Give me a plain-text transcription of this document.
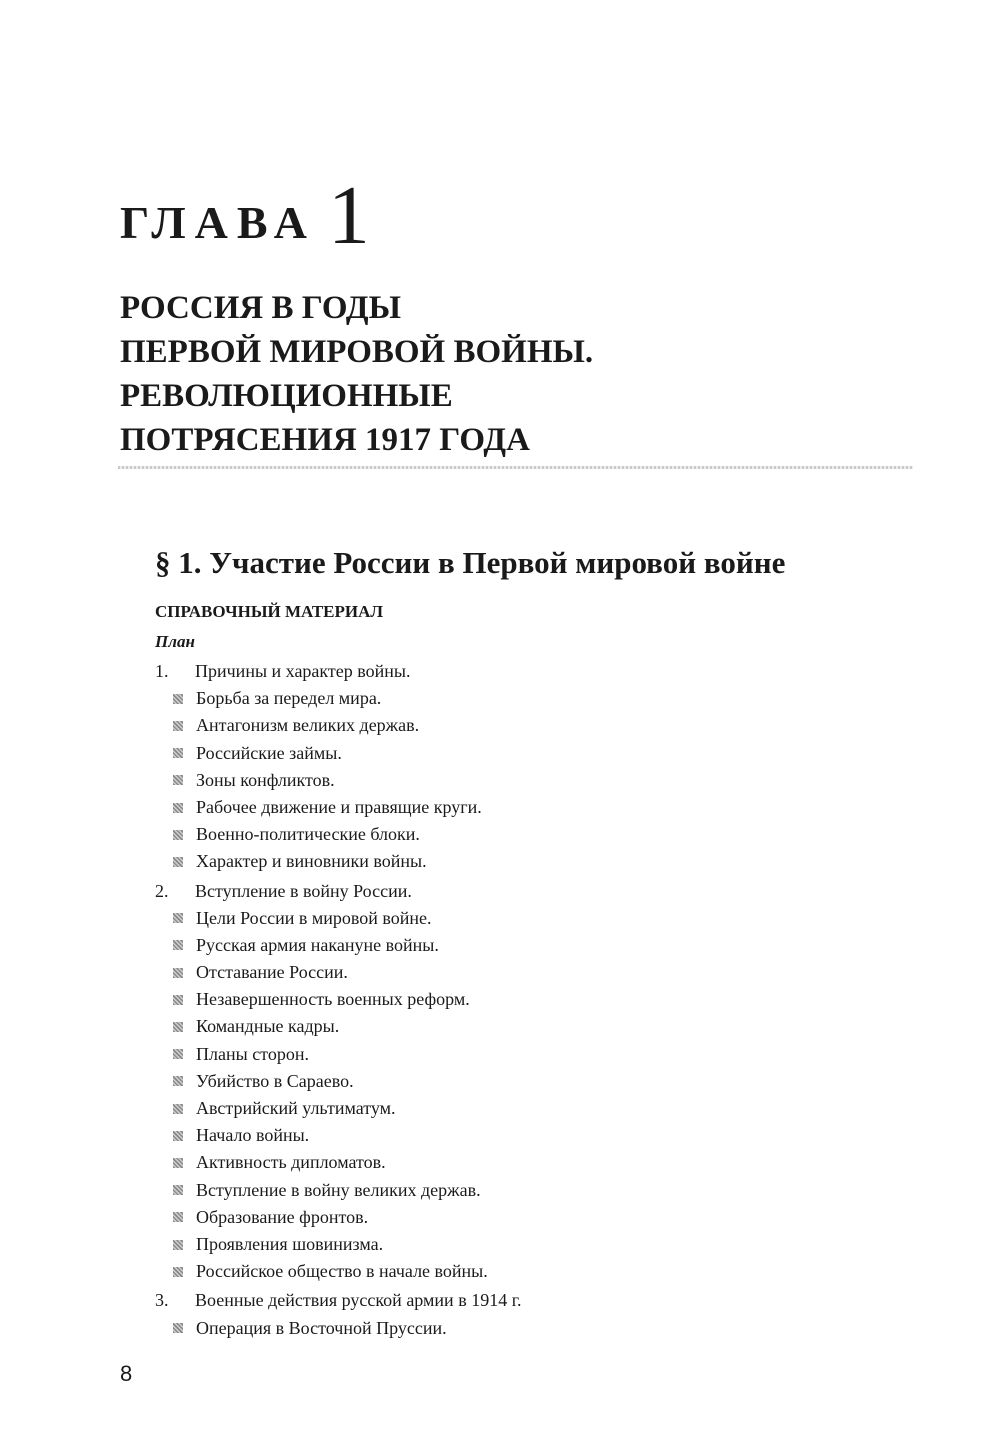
ГЛАВА 1
РОССИЯ В ГОДЫ
ПЕРВОЙ МИРОВОЙ ВОЙНЫ.
РЕВОЛЮЦИОННЫЕ
ПОТРЯСЕНИЯ 1917 ГОДА
§ 1. Участие России в Первой мировой войне
СПРАВОЧНЫЙ МАТЕРИАЛ
План
1.	Причины и характер войны.
Борьба за передел мира.
Антагонизм великих держав.
Российские займы.
Зоны конфликтов.
Рабочее движение и правящие круги.
Военно-политические блоки.
Характер и виновники войны.
2.	Вступление в войну России.
Цели России в мировой войне.
Русская армия накануне войны.
Отставание России.
Незавершенность военных реформ.
Командные кадры.
Планы сторон.
Убийство в Сараево.
Австрийский ультиматум.
Начало войны.
Активность дипломатов.
Вступление в войну великих держав.
Образование фронтов.
Проявления шовинизма.
Российское общество в начале войны.
3.	Военные действия русской армии в 1914 г.
Операция в Восточной Пруссии.
8
